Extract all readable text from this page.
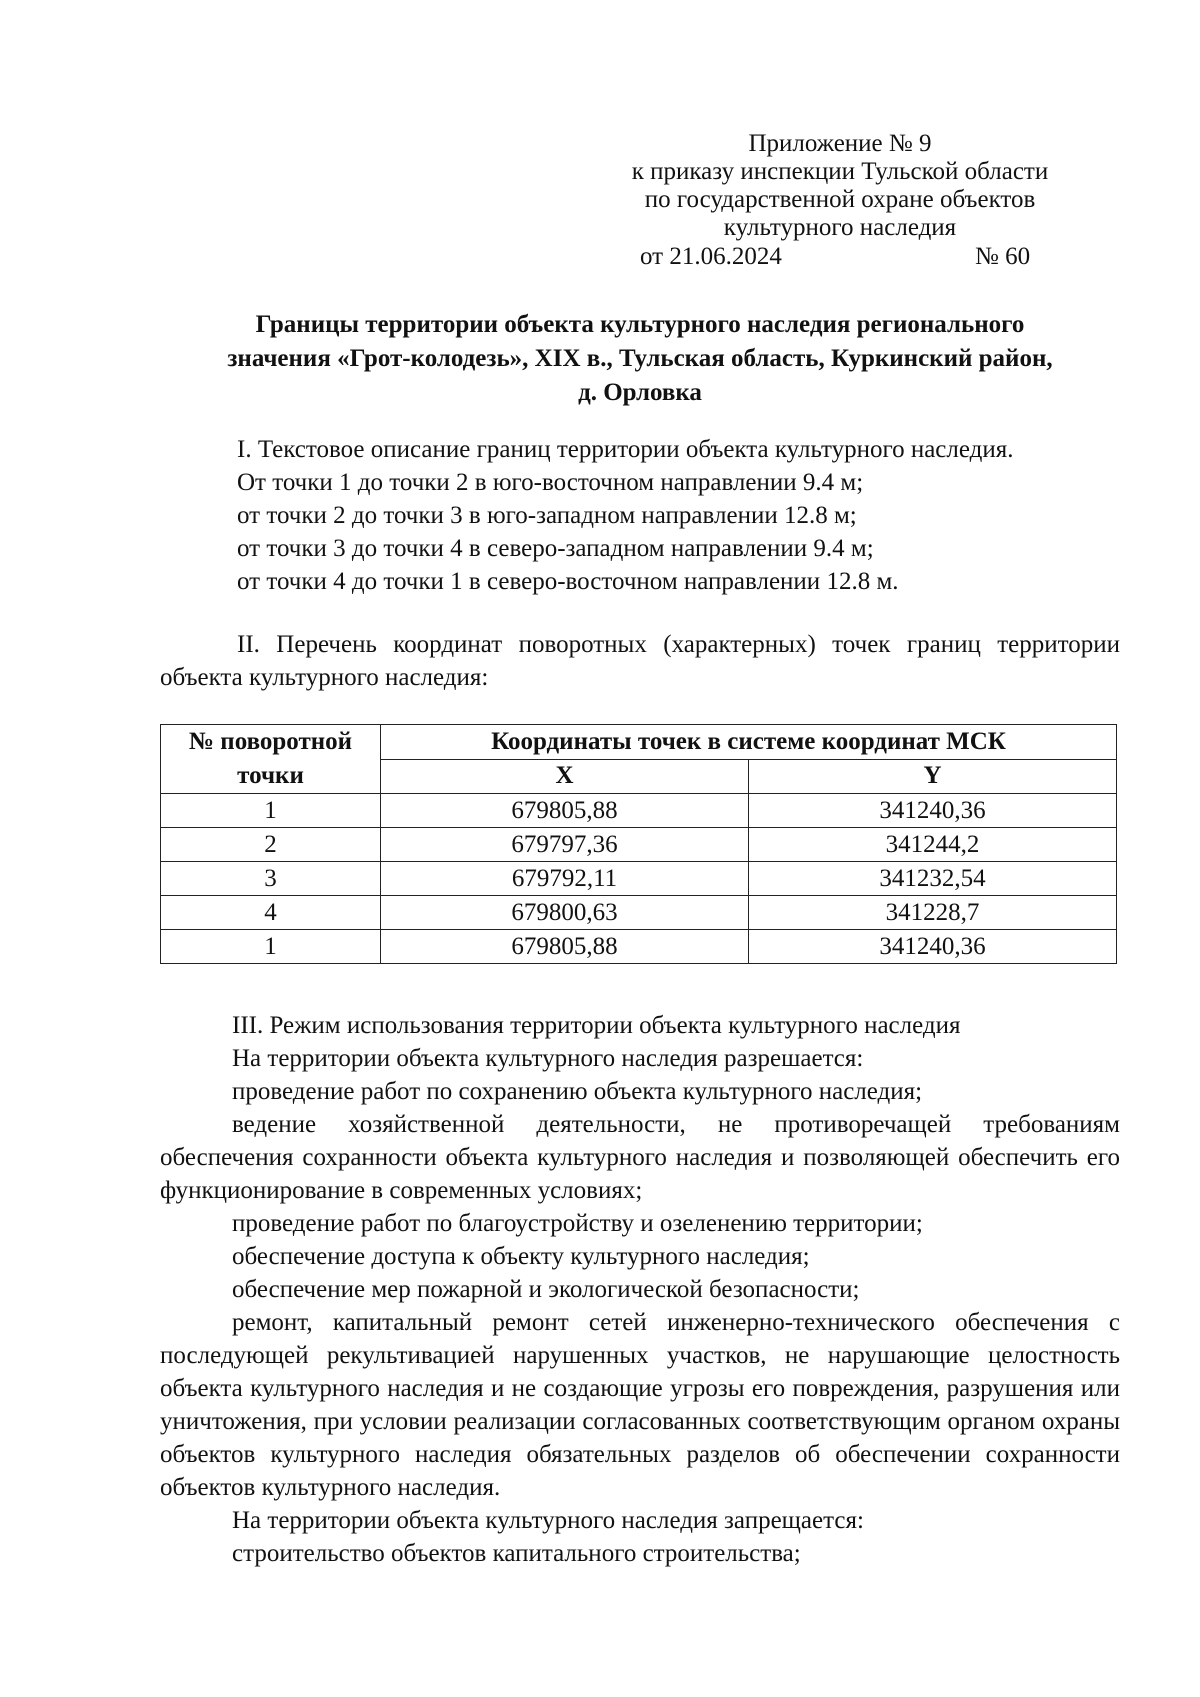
Приложение № 9
к приказу инспекции Тульской области
по государственной охране объектов
культурного наследия
от 21.06.2024	№ 60
Границы территории объекта культурного наследия регионального
значения «Грот-колодезь», XIX в., Тульская область, Куркинский район,
д. Орловка

I. Текстовое описание границ территории объекта культурного наследия.

От точки 1 до точки 2 в юго-восточном направлении 9.4 м;

от точки 2 до точки 3 в юго-западном направлении 12.8 м;

от точки 3 до точки 4 в северо-западном направлении 9.4 м;

от точки 4 до точки 1 в северо-восточном направлении 12.8 м.

II. Перечень координат поворотных (характерных) точек границ территории объекта культурного наследия:

№ поворотной точки	Координаты точек в системе координат МСК	
	X	Y
1	679805,88	341240,36
2	679797,36	341244,2
3	679792,11	341232,54
4	679800,63	341228,7
1	679805,88	341240,36

III. Режим использования территории объекта культурного наследия

На территории объекта культурного наследия разрешается:

проведение работ по сохранению объекта культурного наследия;

ведение хозяйственной деятельности, не противоречащей требованиям обеспечения сохранности объекта культурного наследия и позволяющей обеспечить его функционирование в современных условиях;

проведение работ по благоустройству и озеленению территории;

обеспечение доступа к объекту культурного наследия;

обеспечение мер пожарной и экологической безопасности;

ремонт, капитальный ремонт сетей инженерно-технического обеспечения с последующей рекультивацией нарушенных участков, не нарушающие целостность объекта культурного наследия и не создающие угрозы его повреждения, разрушения или уничтожения, при условии реализации согласованных соответствующим органом охраны объектов культурного наследия обязательных разделов об обеспечении сохранности объектов культурного наследия.

На территории объекта культурного наследия запрещается:

строительство объектов капитального строительства;
